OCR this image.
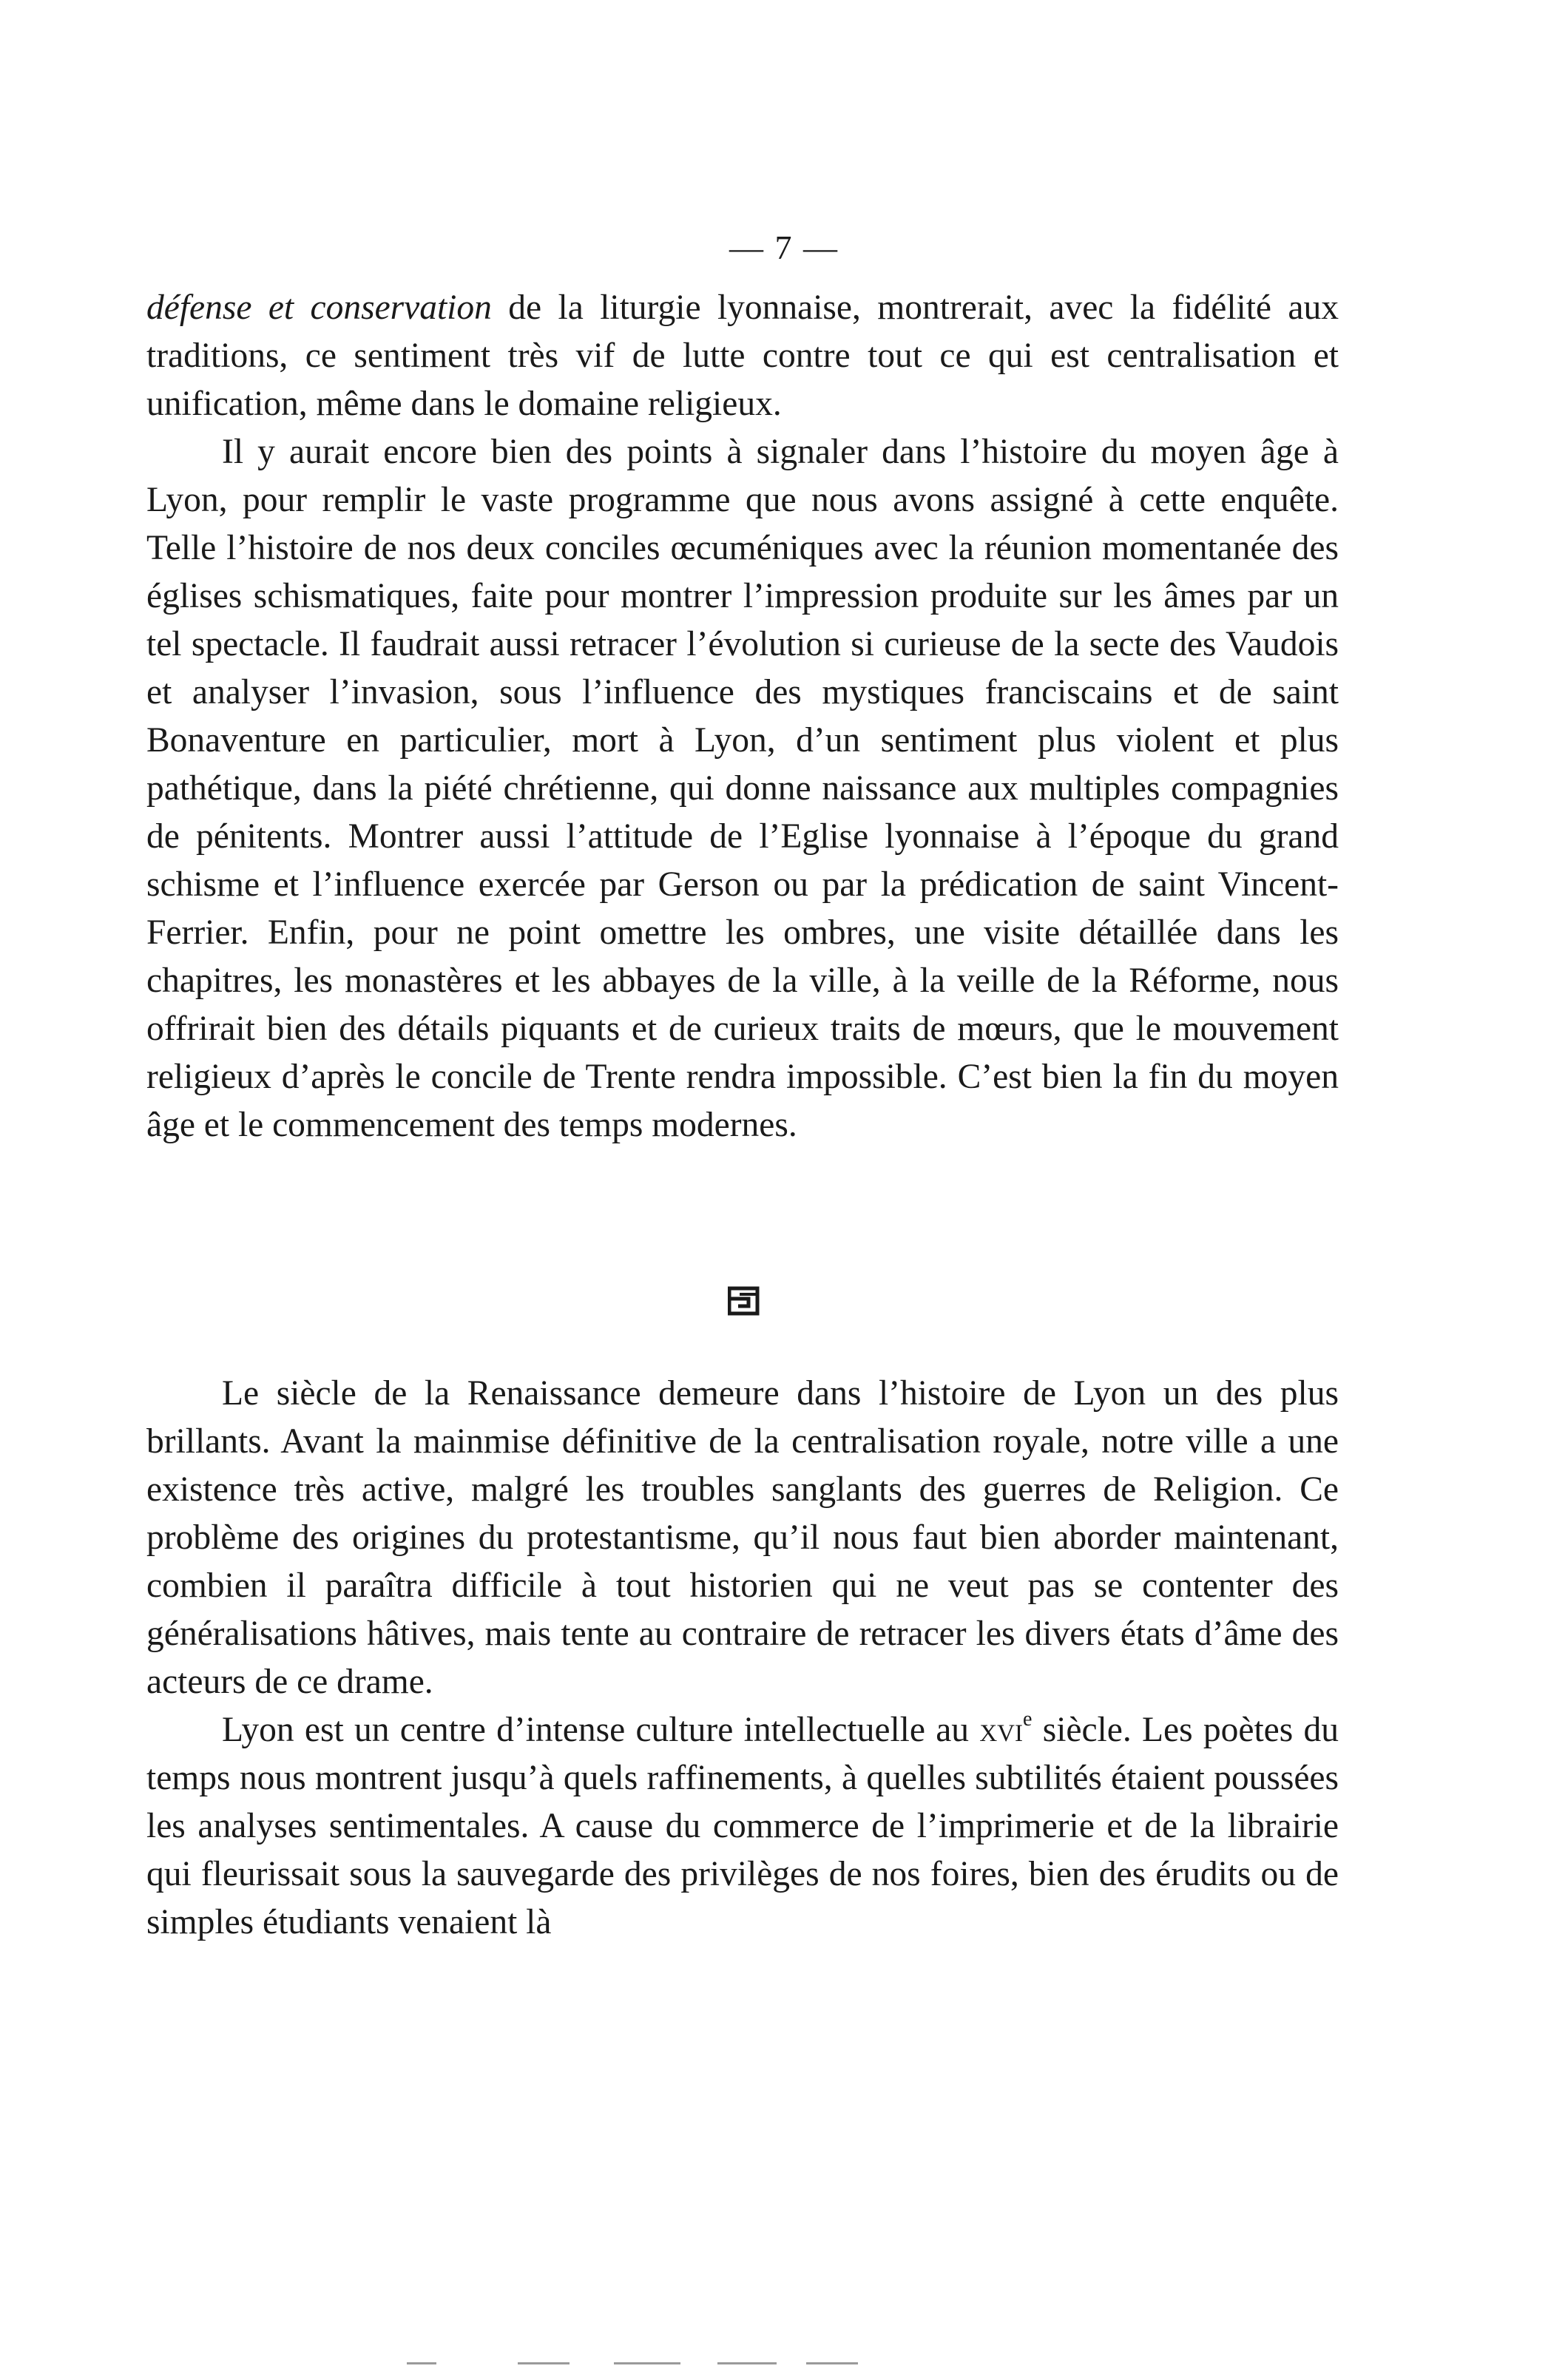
— 7 —

défense et conservation de la liturgie lyonnaise, montrerait, avec la fidélité aux traditions, ce sentiment très vif de lutte contre tout ce qui est centralisation et unification, même dans le domaine religieux.

Il y aurait encore bien des points à signaler dans l’histoire du moyen âge à Lyon, pour remplir le vaste programme que nous avons assigné à cette enquête. Telle l’histoire de nos deux conciles œcuméniques avec la réunion momentanée des églises schismatiques, faite pour montrer l’impression produite sur les âmes par un tel spectacle. Il faudrait aussi retracer l’évolution si curieuse de la secte des Vaudois et analyser l’invasion, sous l’influence des mystiques franciscains et de saint Bonaventure en particulier, mort à Lyon, d’un sentiment plus violent et plus pathétique, dans la piété chrétienne, qui donne naissance aux multiples compagnies de pénitents. Montrer aussi l’attitude de l’Eglise lyonnaise à l’époque du grand schisme et l’influence exercée par Gerson ou par la prédication de saint Vincent-Ferrier. Enfin, pour ne point omettre les ombres, une visite détaillée dans les chapitres, les monastères et les abbayes de la ville, à la veille de la Réforme, nous offrirait bien des détails piquants et de curieux traits de mœurs, que le mouvement religieux d’après le concile de Trente rendra impossible. C’est bien la fin du moyen âge et le commencement des temps modernes.

Le siècle de la Renaissance demeure dans l’histoire de Lyon un des plus brillants. Avant la mainmise définitive de la centralisation royale, notre ville a une existence très active, malgré les troubles sanglants des guerres de Religion. Ce problème des origines du protestantisme, qu’il nous faut bien aborder maintenant, combien il paraîtra difficile à tout historien qui ne veut pas se contenter des généralisations hâtives, mais tente au contraire de retracer les divers états d’âme des acteurs de ce drame.

Lyon est un centre d’intense culture intellectuelle au xvi$^e$ siècle. Les poètes du temps nous montrent jusqu’à quels raffinements, à quelles subtilités étaient poussées les analyses sentimentales. A cause du commerce de l’imprimerie et de la librairie qui fleurissait sous la sauvegarde des privilèges de nos foires, bien des érudits ou de simples étudiants venaient là
